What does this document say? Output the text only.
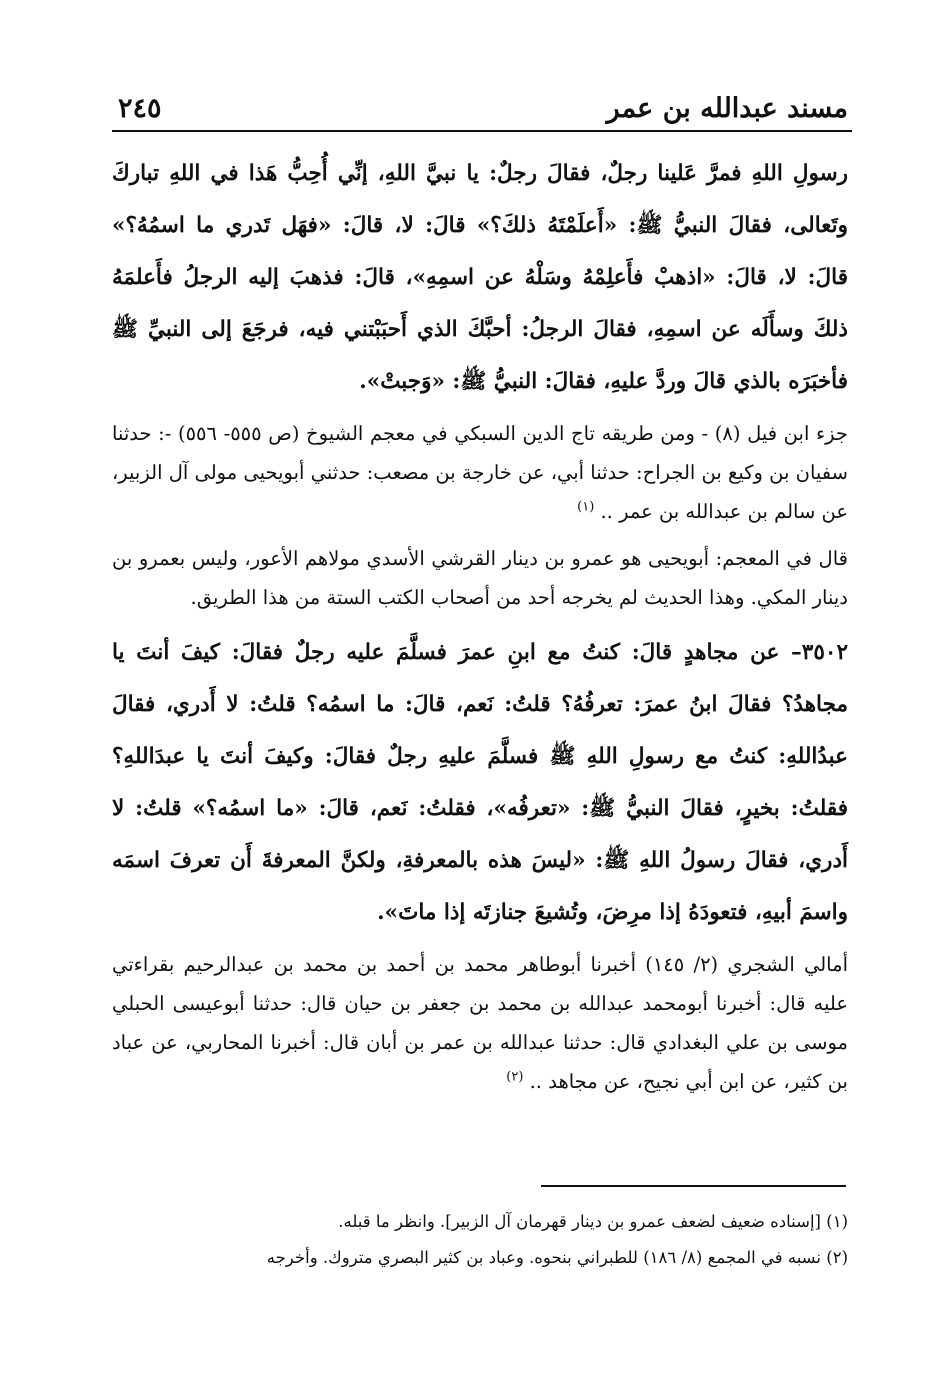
مسند عبدالله بن عمر
٢٤٥

رسولِ اللهِ فمرَّ عَلينا رجلٌ، فقالَ رجلٌ: يا نبيَّ اللهِ، إنِّي أُحِبُّ هَذا في اللهِ تباركَ وتَعالى، فقالَ النبيُّ ﷺ: «أَعلَمْتَهُ ذلكَ؟» قالَ: لا، قالَ: «فهَل تَدري ما اسمُهُ؟» قالَ: لا، قالَ: «اذهبْ فأَعلِمْهُ وسَلْهُ عن اسمِهِ»، قالَ: فذهبَ إليه الرجلُ فأَعلمَهُ ذلكَ وسأَلَه عن اسمِهِ، فقالَ الرجلُ: أحبَّكَ الذي أَحبَبْتني فيه، فرجَعَ إلى النبيِّ ﷺ فأخبَرَه بالذي قالَ وردَّ عليهِ، فقالَ: النبيُّ ﷺ: «وَجبتْ».

جزء ابن فيل (٨) - ومن طريقه تاج الدين السبكي في معجم الشيوخ (ص ٥٥٥- ٥٥٦) -: حدثنا سفيان بن وكيع بن الجراح: حدثنا أبي، عن خارجة بن مصعب: حدثني أبويحيى مولى آل الزبير، عن سالم بن عبدالله بن عمر .. $^{(١)}$

قال في المعجم: أبويحيى هو عمرو بن دينار القرشي الأسدي مولاهم الأعور، وليس بعمرو بن دينار المكي. وهذا الحديث لم يخرجه أحد من أصحاب الكتب الستة من هذا الطريق.

٣٥٠٢– عن مجاهدٍ قالَ: كنتُ مع ابنِ عمرَ فسلَّمَ عليه رجلٌ فقالَ: كيفَ أنتَ يا مجاهدُ؟ فقالَ ابنُ عمرَ: تعرفُهُ؟ قلتُ: نَعم، قالَ: ما اسمُه؟ قلتُ: لا أَدري، فقالَ عبدُاللهِ: كنتُ مع رسولِ اللهِ ﷺ فسلَّمَ عليهِ رجلٌ فقالَ: وكيفَ أنتَ يا عبدَاللهِ؟ فقلتُ: بخيرٍ، فقالَ النبيُّ ﷺ: «تعرفُه»، فقلتُ: نَعم، قالَ: «ما اسمُه؟» قلتُ: لا أَدري، فقالَ رسولُ اللهِ ﷺ: «ليسَ هذه بالمعرفةِ، ولكنَّ المعرفةَ أَن تعرفَ اسمَه واسمَ أبيهِ، فتعودَهُ إذا مرِضَ، وتُشيعَ جنازتَه إذا ماتَ».

أمالي الشجري (٢/ ١٤٥) أخبرنا أبوطاهر محمد بن أحمد بن محمد بن عبدالرحيم بقراءتي عليه قال: أخبرنا أبومحمد عبدالله بن محمد بن جعفر بن حيان قال: حدثنا أبوعيسى الحبلي موسى بن علي البغدادي قال: حدثنا عبدالله بن عمر بن أبان قال: أخبرنا المحاربي، عن عباد بن كثير، عن ابن أبي نجيح، عن مجاهد .. $^{(٢)}$

(١) [إسناده ضعيف لضعف عمرو بن دينار قهرمان آل الزبير]. وانظر ما قبله.

(٢) نسبه في المجمع (٨/ ١٨٦) للطبراني بنحوه. وعباد بن كثير البصري متروك. وأخرجه
